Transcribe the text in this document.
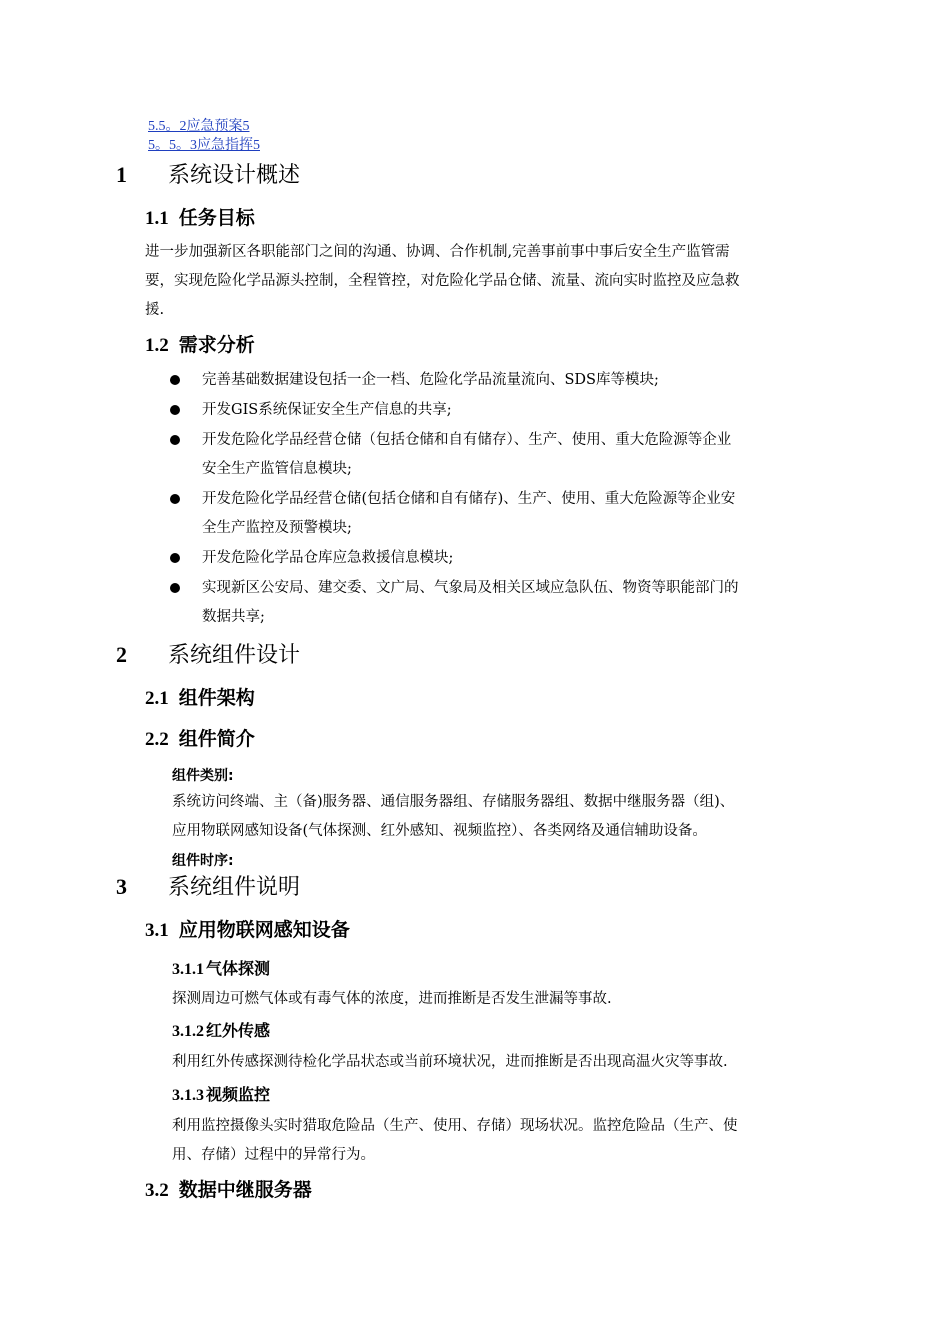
5.5。2应急预案5
5。5。3应急指挥5
1 系统设计概述
1.1 任务目标
进一步加强新区各职能部门之间的沟通、协调、合作机制,完善事前事中事后安全生产监管需
要，实现危险化学品源头控制，全程管控，对危险化学品仓储、流量、流向实时监控及应急救
援.
1.2 需求分析
完善基础数据建设包括一企一档、危险化学品流量流向、SDS库等模块;
开发GIS系统保证安全生产信息的共享;
开发危险化学品经营仓储（包括仓储和自有储存）、生产、使用、重大危险源等企业
安全生产监管信息模块;
开发危险化学品经营仓储(包括仓储和自有储存)、生产、使用、重大危险源等企业安
全生产监控及预警模块;
开发危险化学品仓库应急救援信息模块;
实现新区公安局、建交委、文广局、气象局及相关区域应急队伍、物资等职能部门的
数据共享;
2 系统组件设计
2.1 组件架构
2.2 组件简介
组件类别:
系统访问终端、主（备)服务器、通信服务器组、存储服务器组、数据中继服务器（组)、
应用物联网感知设备(气体探测、红外感知、视频监控）、各类网络及通信辅助设备。
组件时序:
3 系统组件说明
3.1 应用物联网感知设备
3.1.1 气体探测
探测周边可燃气体或有毒气体的浓度，进而推断是否发生泄漏等事故.
3.1.2 红外传感
利用红外传感探测待检化学品状态或当前环境状况，进而推断是否出现高温火灾等事故.
3.1.3 视频监控
利用监控摄像头实时猎取危险品（生产、使用、存储）现场状况。监控危险品（生产、使
用、存储）过程中的异常行为。
3.2 数据中继服务器
